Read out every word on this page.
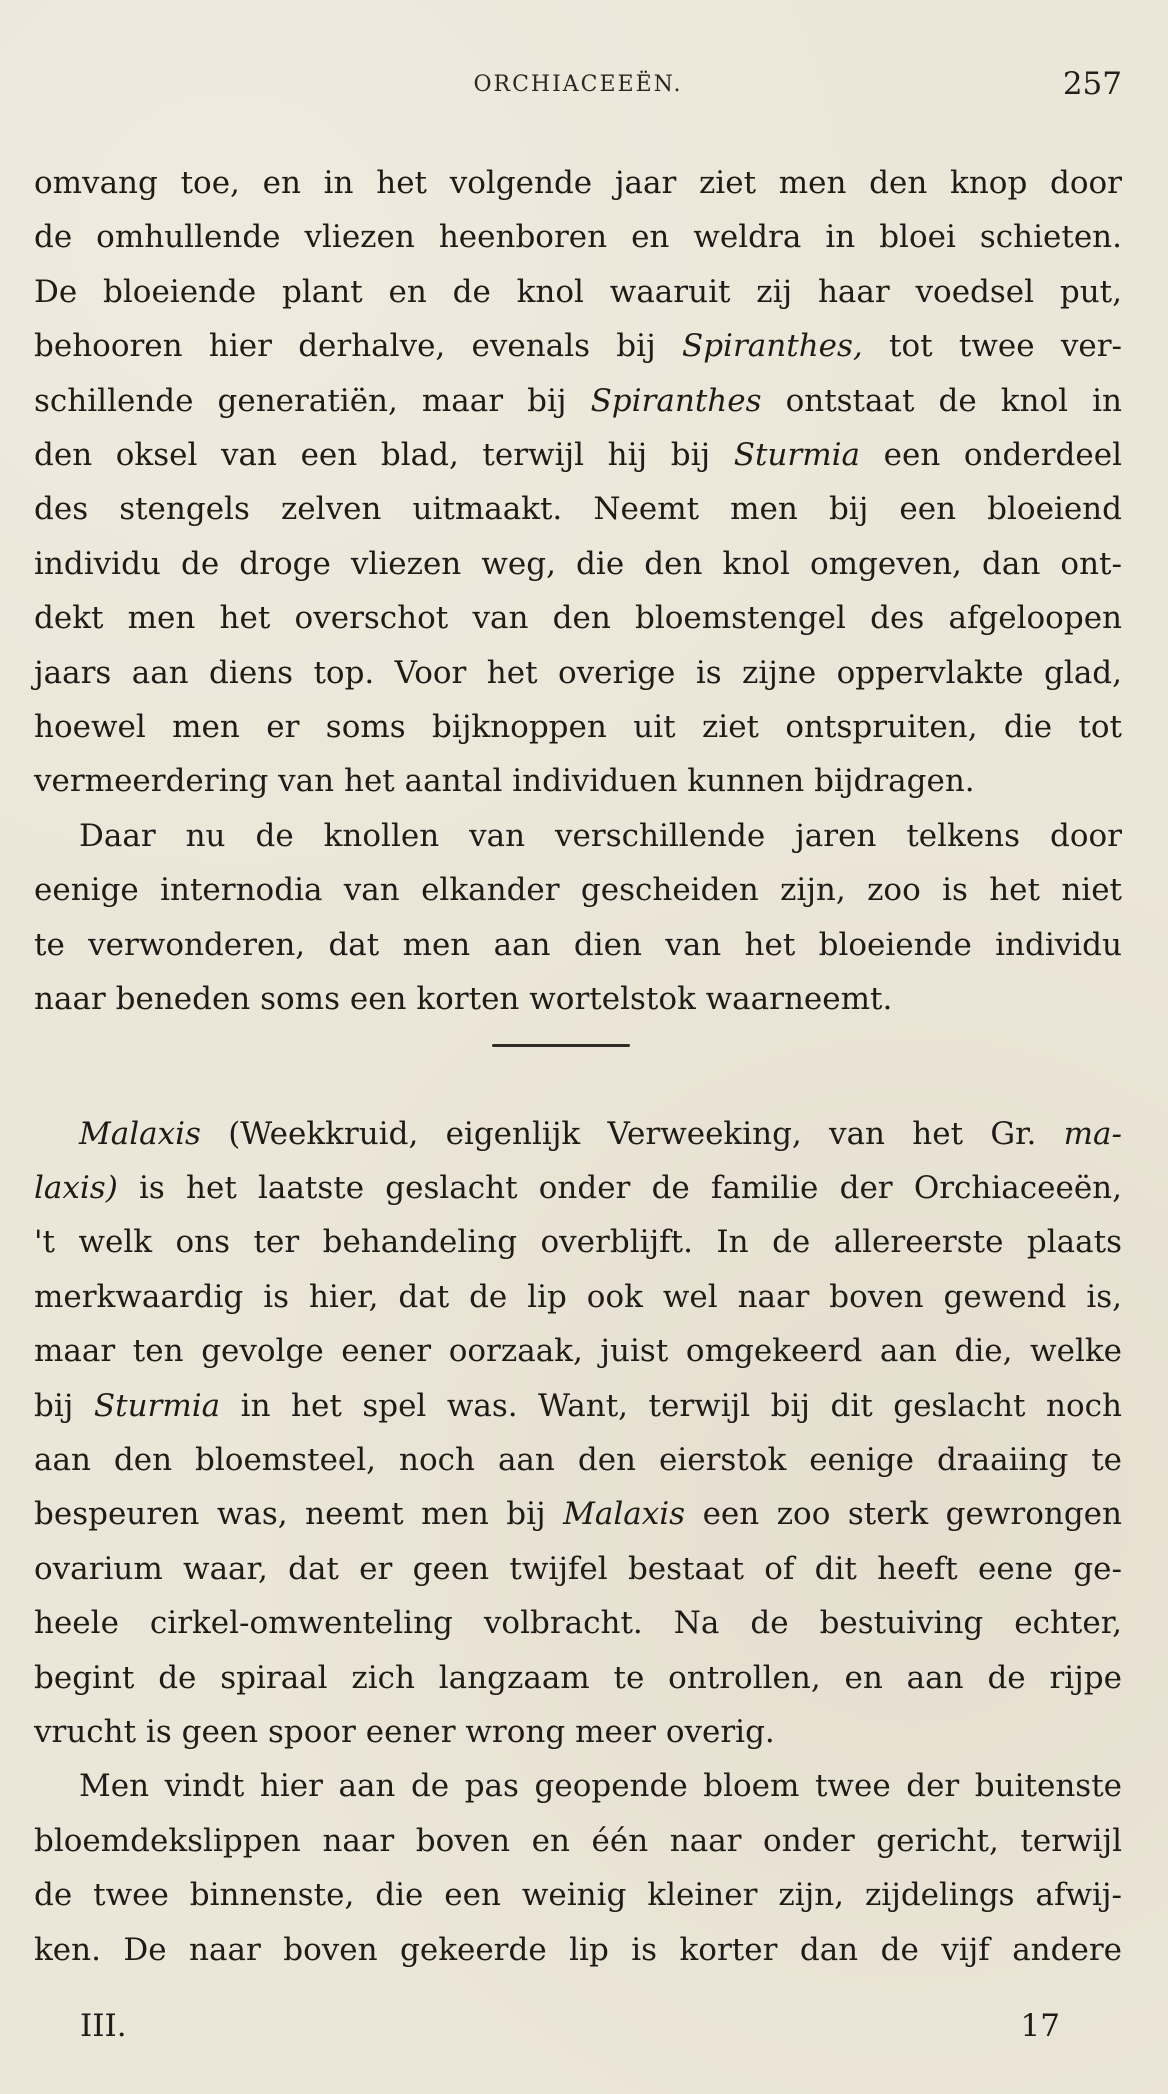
ORCHIACEEËN.	257
omvang toe, en in het volgende jaar ziet men den knop door
de omhullende vliezen heenboren en weldra in bloei schieten.
De bloeiende plant en de knol waaruit zij haar voedsel put,
behooren hier derhalve, evenals bij Spiranthes, tot twee ver-
schillende generatiën, maar bij Spiranthes ontstaat de knol in
den oksel van een blad, terwijl hij bij Sturmia een onderdeel
des stengels zelven uitmaakt. Neemt men bij een bloeiend
individu de droge vliezen weg, die den knol omgeven, dan ont-
dekt men het overschot van den bloemstengel des afgeloopen
jaars aan diens top. Voor het overige is zijne oppervlakte glad,
hoewel men er soms bijknoppen uit ziet ontspruiten, die tot
vermeerdering van het aantal individuen kunnen bijdragen.
Daar nu de knollen van verschillende jaren telkens door
eenige internodia van elkander gescheiden zijn, zoo is het niet
te verwonderen, dat men aan dien van het bloeiende individu
naar beneden soms een korten wortelstok waarneemt.
Malaxis (Weekkruid, eigenlijk Verweeking, van het Gr. ma-
laxis) is het laatste geslacht onder de familie der Orchiaceeën,
't welk ons ter behandeling overblijft. In de allereerste plaats
merkwaardig is hier, dat de lip ook wel naar boven gewend is,
maar ten gevolge eener oorzaak, juist omgekeerd aan die, welke
bij Sturmia in het spel was. Want, terwijl bij dit geslacht noch
aan den bloemsteel, noch aan den eierstok eenige draaiing te
bespeuren was, neemt men bij Malaxis een zoo sterk gewrongen
ovarium waar, dat er geen twijfel bestaat of dit heeft eene ge-
heele cirkel-omwenteling volbracht. Na de bestuiving echter,
begint de spiraal zich langzaam te ontrollen, en aan de rijpe
vrucht is geen spoor eener wrong meer overig.
Men vindt hier aan de pas geopende bloem twee der buitenste
bloemdekslippen naar boven en één naar onder gericht, terwijl
de twee binnenste, die een weinig kleiner zijn, zijdelings afwij-
ken. De naar boven gekeerde lip is korter dan de vijf andere
III.	17
